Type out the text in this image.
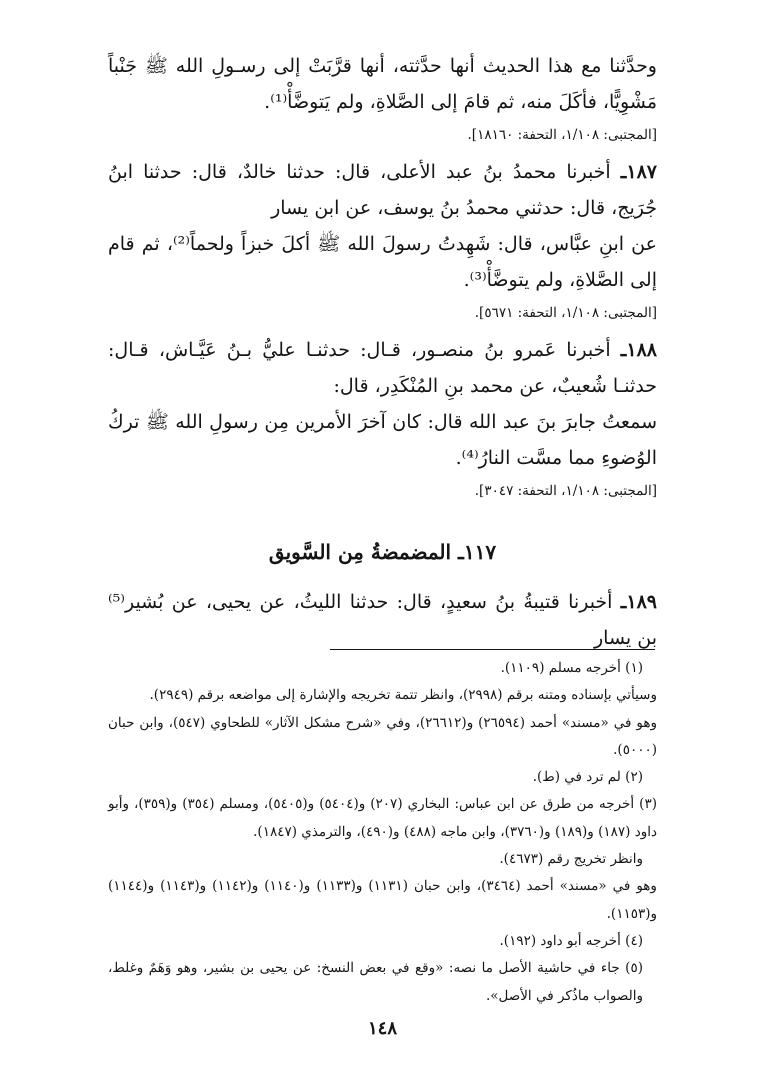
وحدَّثنا مع هذا الحديث أنها حدَّثته، أنها قرَّبَتْ إلى رسـولِ الله ﷺ جَنْباً مَشْوِيًّا، فأكَلَ منه، ثم قامَ إلى الصَّلاةِ، ولم يَتوضَّأْ⁽¹⁾.

[المجتبى: ١/١٠٨، التحفة: ١٨١٦٠].

١٨٧ـ أخبرنا محمدُ بنُ عبد الأعلى، قال: حدثنا خالدٌ، قال: حدثنا ابنُ جُرَيج، قال: حدثني محمدُ بنُ يوسف، عن ابن يسار

عن ابنِ عبَّاس، قال: شَهِدتُ رسولَ الله ﷺ أكلَ خبزاً ولحماً⁽²⁾، ثم قام إلى الصَّلاةِ، ولم يتوضَّأْ⁽³⁾.

[المجتبى: ١/١٠٨، التحفة: ٥٦٧١].

١٨٨ـ أخبرنا عَمرو بنُ منصـور، قـال: حدثنـا عليُّ بـنُ عَيَّـاش، قـال: حدثنـا شُعيبٌ، عن محمد بنِ المُنْكَدِر، قال:

سمعتُ جابرَ بنَ عبد الله قال: كان آخرَ الأمرين مِن رسولِ الله ﷺ تركُ الوُضوءِ مما مسَّت النارُ⁽⁴⁾.

[المجتبى: ١/١٠٨، التحفة: ٣٠٤٧].

١١٧ـ المضمضةُ مِن السَّويق

١٨٩ـ أخبرنا قتيبةُ بنُ سعيدٍ، قال: حدثنا الليثُ، عن يحيى، عن بُشير⁽⁵⁾ بن يسار

(١) أخرجه مسلم (١١٠٩).

وسيأتي بإسناده ومتنه برقم (٢٩٩٨)، وانظر تتمة تخريجه والإشارة إلى مواضعه برقم (٢٩٤٩).

وهو في «مسند» أحمد (٢٦٥٩٤) و(٢٦٦١٢)، وفي «شرح مشكل الآثار» للطحاوي (٥٤٧)، وابن حبان (٥٠٠٠).

(٢) لم ترد في (ط).

(٣) أخرجه من طرق عن ابن عباس: البخاري (٢٠٧) و(٥٤٠٤) و(٥٤٠٥)، ومسلم (٣٥٤) و(٣٥٩)، وأبو داود (١٨٧) و(١٨٩) و(٣٧٦٠)، وابن ماجه (٤٨٨) و(٤٩٠)، والترمذي (١٨٤٧).

وانظر تخريج رقم (٤٦٧٣).

وهو في «مسند» أحمد (٣٤٦٤)، وابن حبان (١١٣١) و(١١٣٣) و(١١٤٠) و(١١٤٢) و(١١٤٣) و(١١٤٤) و(١١٥٣).

(٤) أخرجه أبو داود (١٩٢).

(٥) جاء في حاشية الأصل ما نصه: «وقع في بعض النسخ: عن يحيى بن بشير، وهو وَهَمٌ وغلط، والصواب ماذُكر في الأصل».

١٤٨
